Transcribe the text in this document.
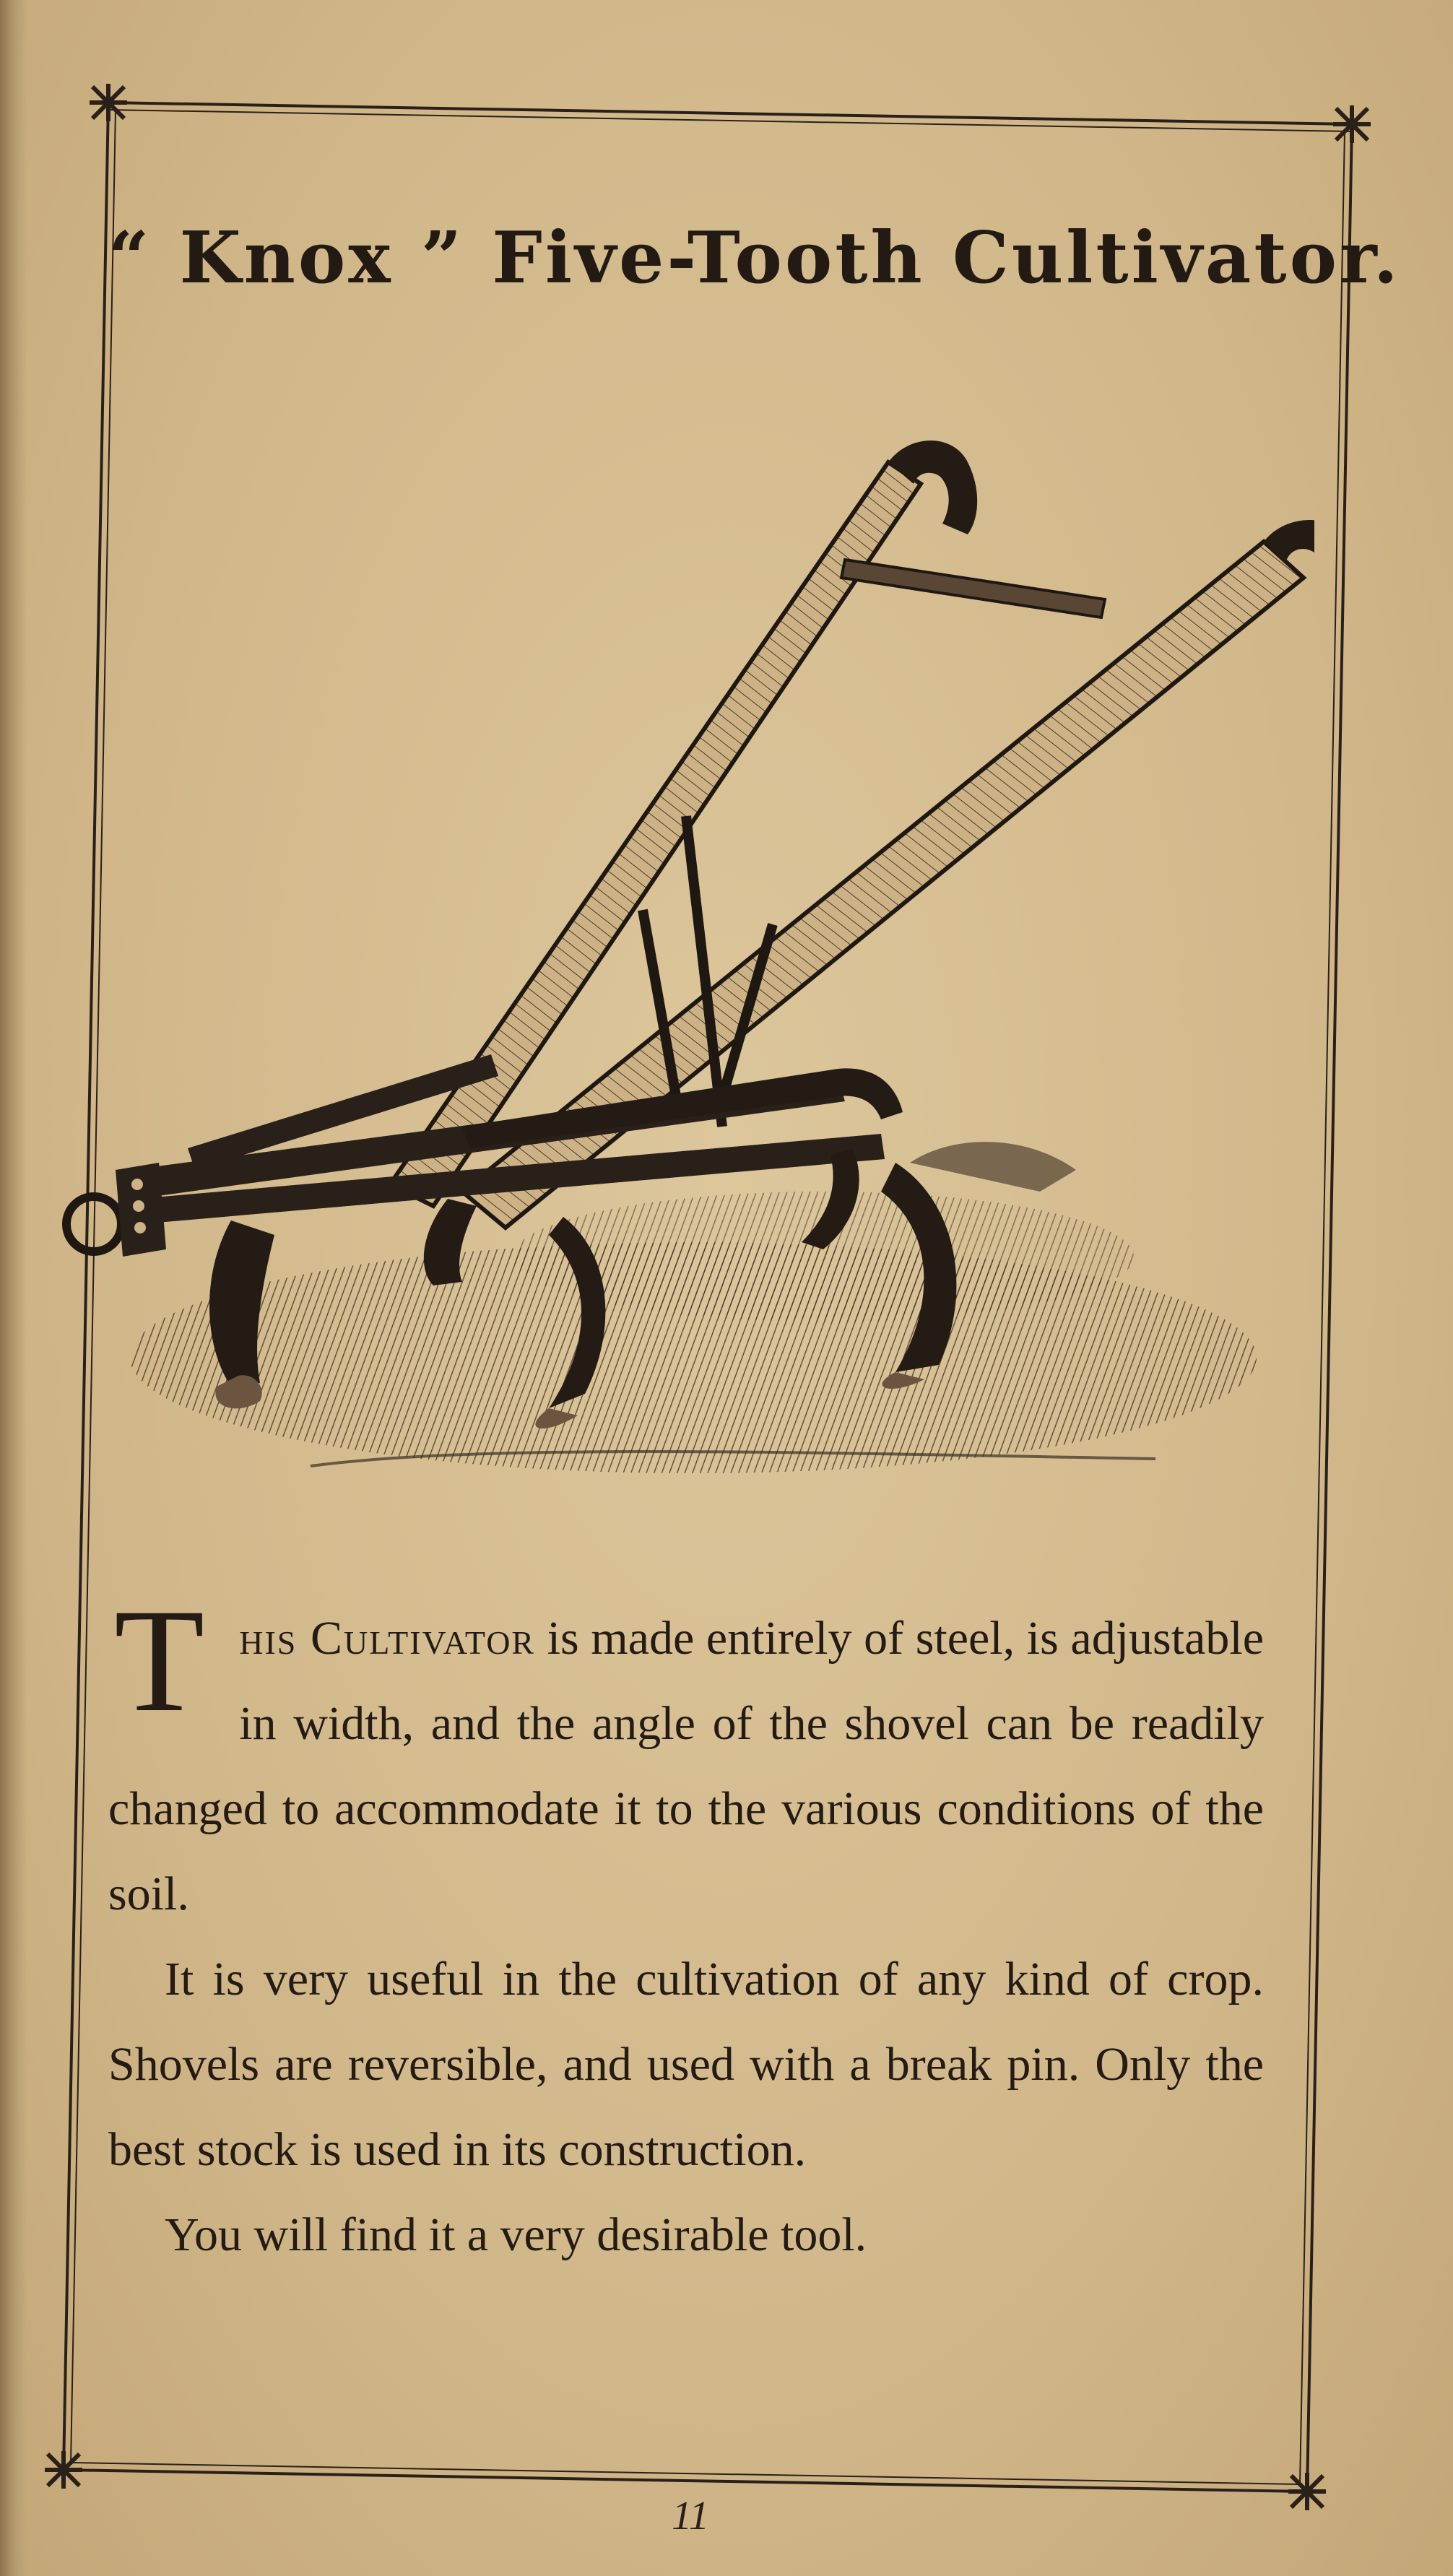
“ Knox ” Five-Tooth Cultivator.

This Cultivator is made entirely of steel, is adjustable in width, and the angle of the shovel can be readily changed to accommodate it to the various conditions of the soil.

It is very useful in the cultivation of any kind of crop. Shovels are reversible, and used with a break pin. Only the best stock is used in its construction.

You will find it a very desirable tool.

11
